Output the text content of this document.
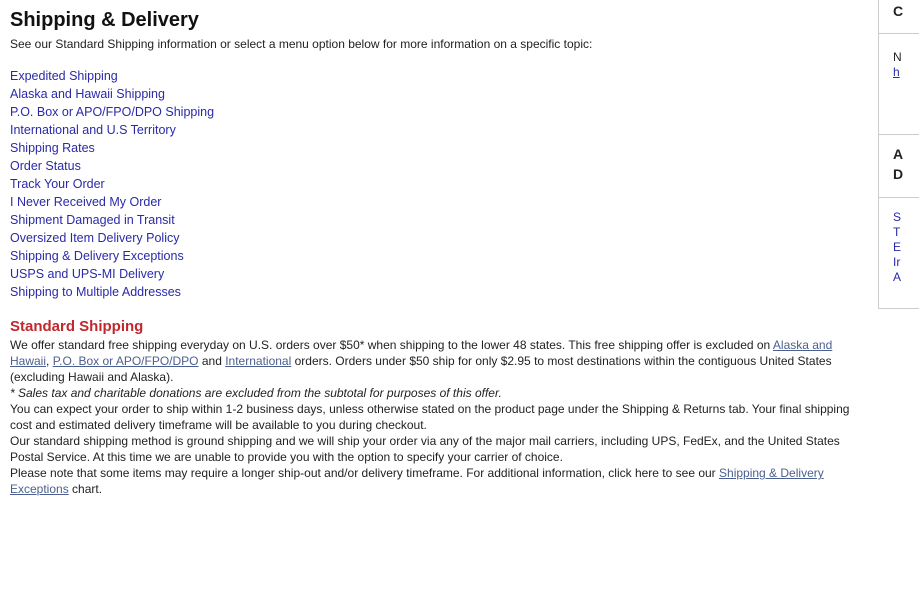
Shipping & Delivery

See our Standard Shipping information or select a menu option below for more information on a specific topic:

Expedited Shipping
Alaska and Hawaii Shipping
P.O. Box or APO/FPO/DPO Shipping
International and U.S Territory
Shipping Rates
Order Status
Track Your Order
I Never Received My Order
Shipment Damaged in Transit
Oversized Item Delivery Policy
Shipping & Delivery Exceptions
USPS and UPS-MI Delivery
Shipping to Multiple Addresses
Standard Shipping

We offer standard free shipping everyday on U.S. orders over $50* when shipping to the lower 48 states. This free shipping offer is excluded on Alaska and Hawaii, P.O. Box or APO/FPO/DPO and International orders. Orders under $50 ship for only $2.95 to most destinations within the contiguous United States (excluding Hawaii and Alaska).
* Sales tax and charitable donations are excluded from the subtotal for purposes of this offer.

You can expect your order to ship within 1-2 business days, unless otherwise stated on the product page under the Shipping & Returns tab. Your final shipping cost and estimated delivery timeframe will be available to you during checkout.

Our standard shipping method is ground shipping and we will ship your order via any of the major mail carriers, including UPS, FedEx, and the United States Postal Service. At this time we are unable to provide you with the option to specify your carrier of choice.

Please note that some items may require a longer ship-out and/or delivery timeframe. For additional information, click here to see our Shipping & Delivery Exceptions chart.

C
N
h
A
D
S
T
E
Ir
A
